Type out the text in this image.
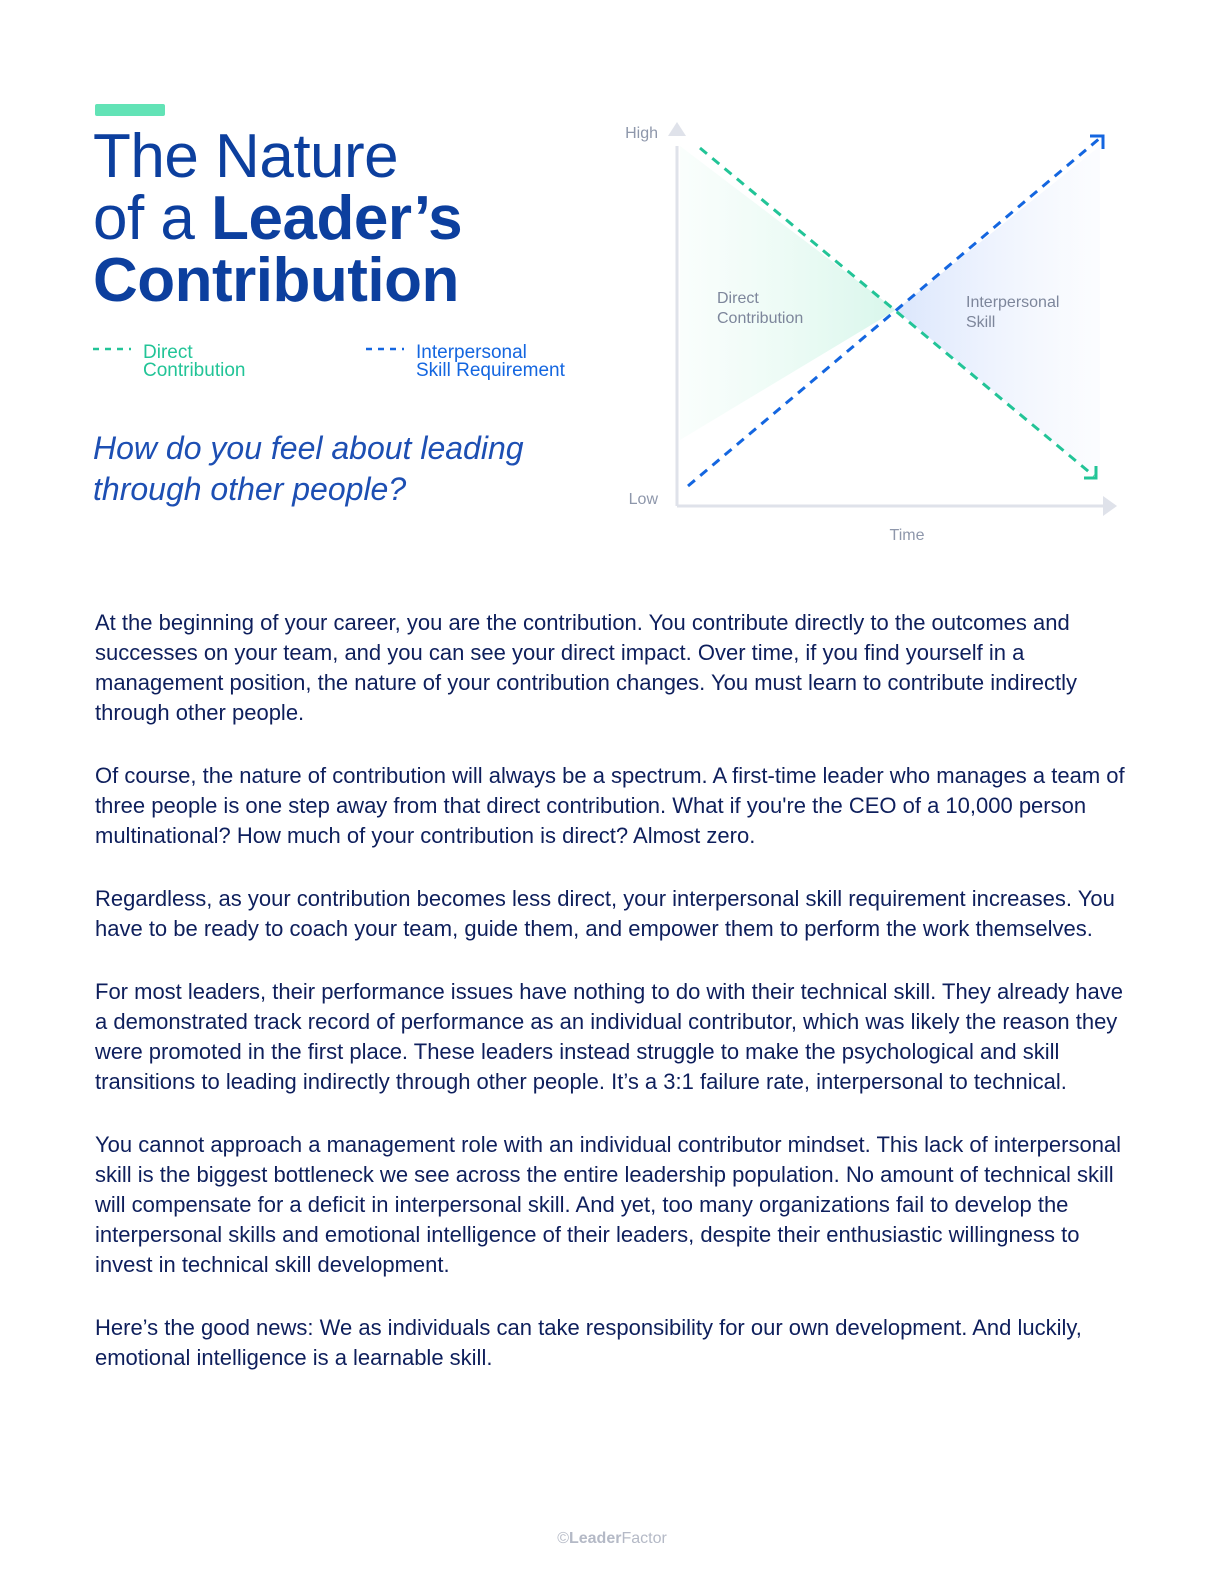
The Nature
of a Leader’s
Contribution
Direct
Contribution
Interpersonal
Skill Requirement
How do you feel about leading
through other people?
High
Low
Time
Direct
Contribution
Interpersonal
Skill

At the beginning of your career, you are the contribution. You contribute directly to the outcomes and successes on your team, and you can see your direct impact. Over time, if you find yourself in a management position, the nature of your contribution changes. You must learn to contribute indirectly through other people.

Of course, the nature of contribution will always be a spectrum. A first-time leader who manages a team of three people is one step away from that direct contribution. What if you're the CEO of a 10,000 person multinational? How much of your contribution is direct? Almost zero.

Regardless, as your contribution becomes less direct, your interpersonal skill requirement increases. You have to be ready to coach your team, guide them, and empower them to perform the work themselves.

For most leaders, their performance issues have nothing to do with their technical skill. They already have a demonstrated track record of performance as an individual contributor, which was likely the reason they were promoted in the first place. These leaders instead struggle to make the psychological and skill transitions to leading indirectly through other people. It’s a 3:1 failure rate, interpersonal to technical.

You cannot approach a management role with an individual contributor mindset. This lack of interpersonal skill is the biggest bottleneck we see across the entire leadership population. No amount of technical skill will compensate for a deficit in interpersonal skill. And yet, too many organizations fail to develop the interpersonal skills and emotional intelligence of their leaders, despite their enthusiastic willingness to invest in technical skill development.

Here’s the good news: We as individuals can take responsibility for our own development. And luckily, emotional intelligence is a learnable skill.

©LeaderFactor
